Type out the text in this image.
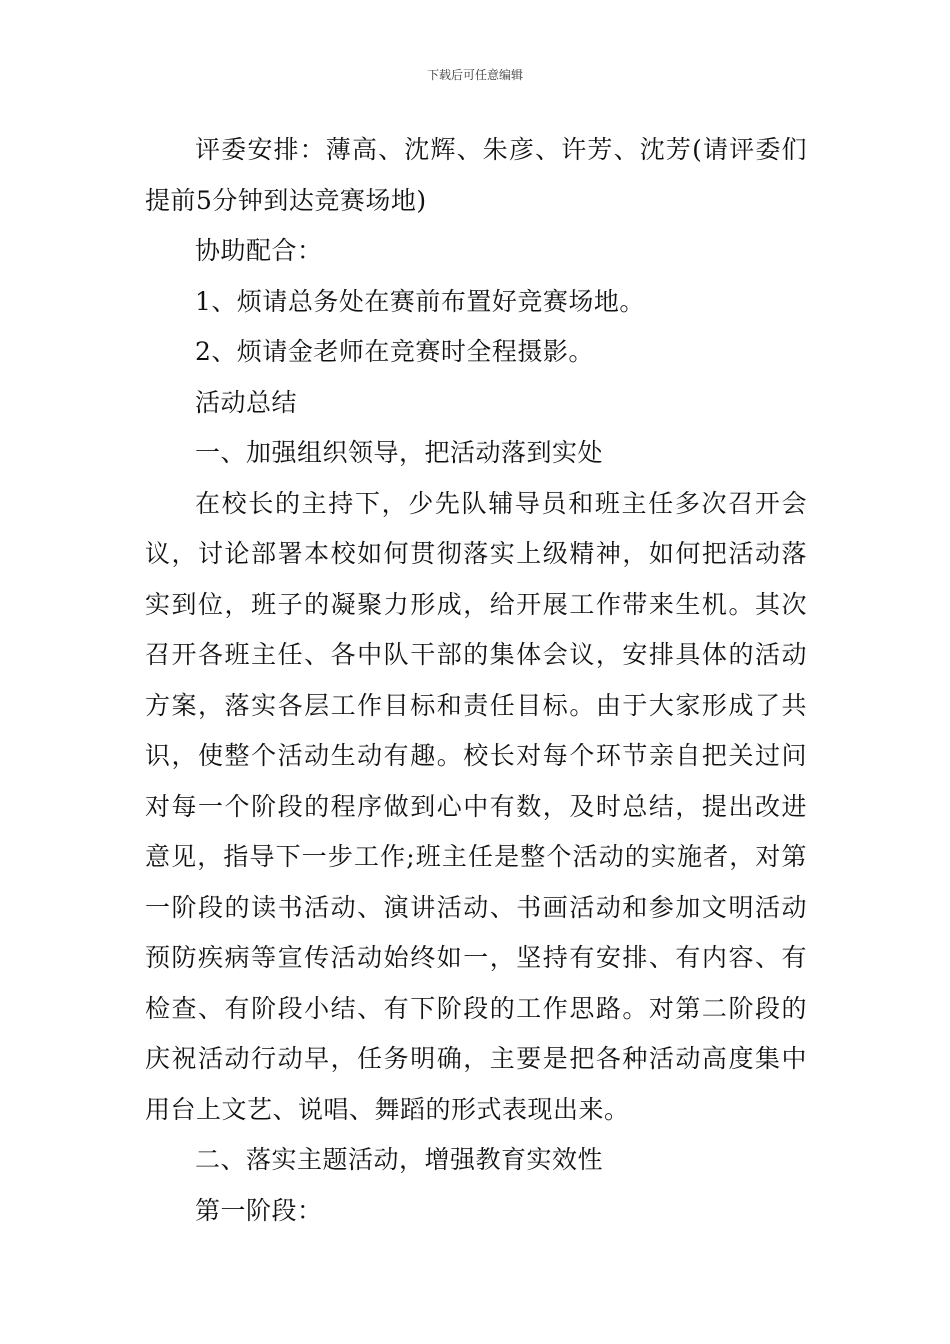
下载后可任意编辑

评委安排：薄高、沈辉、朱彦、许芳、沈芳(请评委们提前5分钟到达竞赛场地)

协助配合：

1、烦请总务处在赛前布置好竞赛场地。

2、烦请金老师在竞赛时全程摄影。

活动总结

一、加强组织领导，把活动落到实处

在校长的主持下，少先队辅导员和班主任多次召开会议，讨论部署本校如何贯彻落实上级精神，如何把活动落实到位，班子的凝聚力形成，给开展工作带来生机。其次召开各班主任、各中队干部的集体会议，安排具体的活动方案，落实各层工作目标和责任目标。由于大家形成了共识，使整个活动生动有趣。校长对每个环节亲自把关过问对每一个阶段的程序做到心中有数，及时总结，提出改进意见，指导下一步工作;班主任是整个活动的实施者，对第一阶段的读书活动、演讲活动、书画活动和参加文明活动预防疾病等宣传活动始终如一，坚持有安排、有内容、有检查、有阶段小结、有下阶段的工作思路。对第二阶段的庆祝活动行动早，任务明确，主要是把各种活动高度集中用台上文艺、说唱、舞蹈的形式表现出来。

二、落实主题活动，增强教育实效性

第一阶段：
